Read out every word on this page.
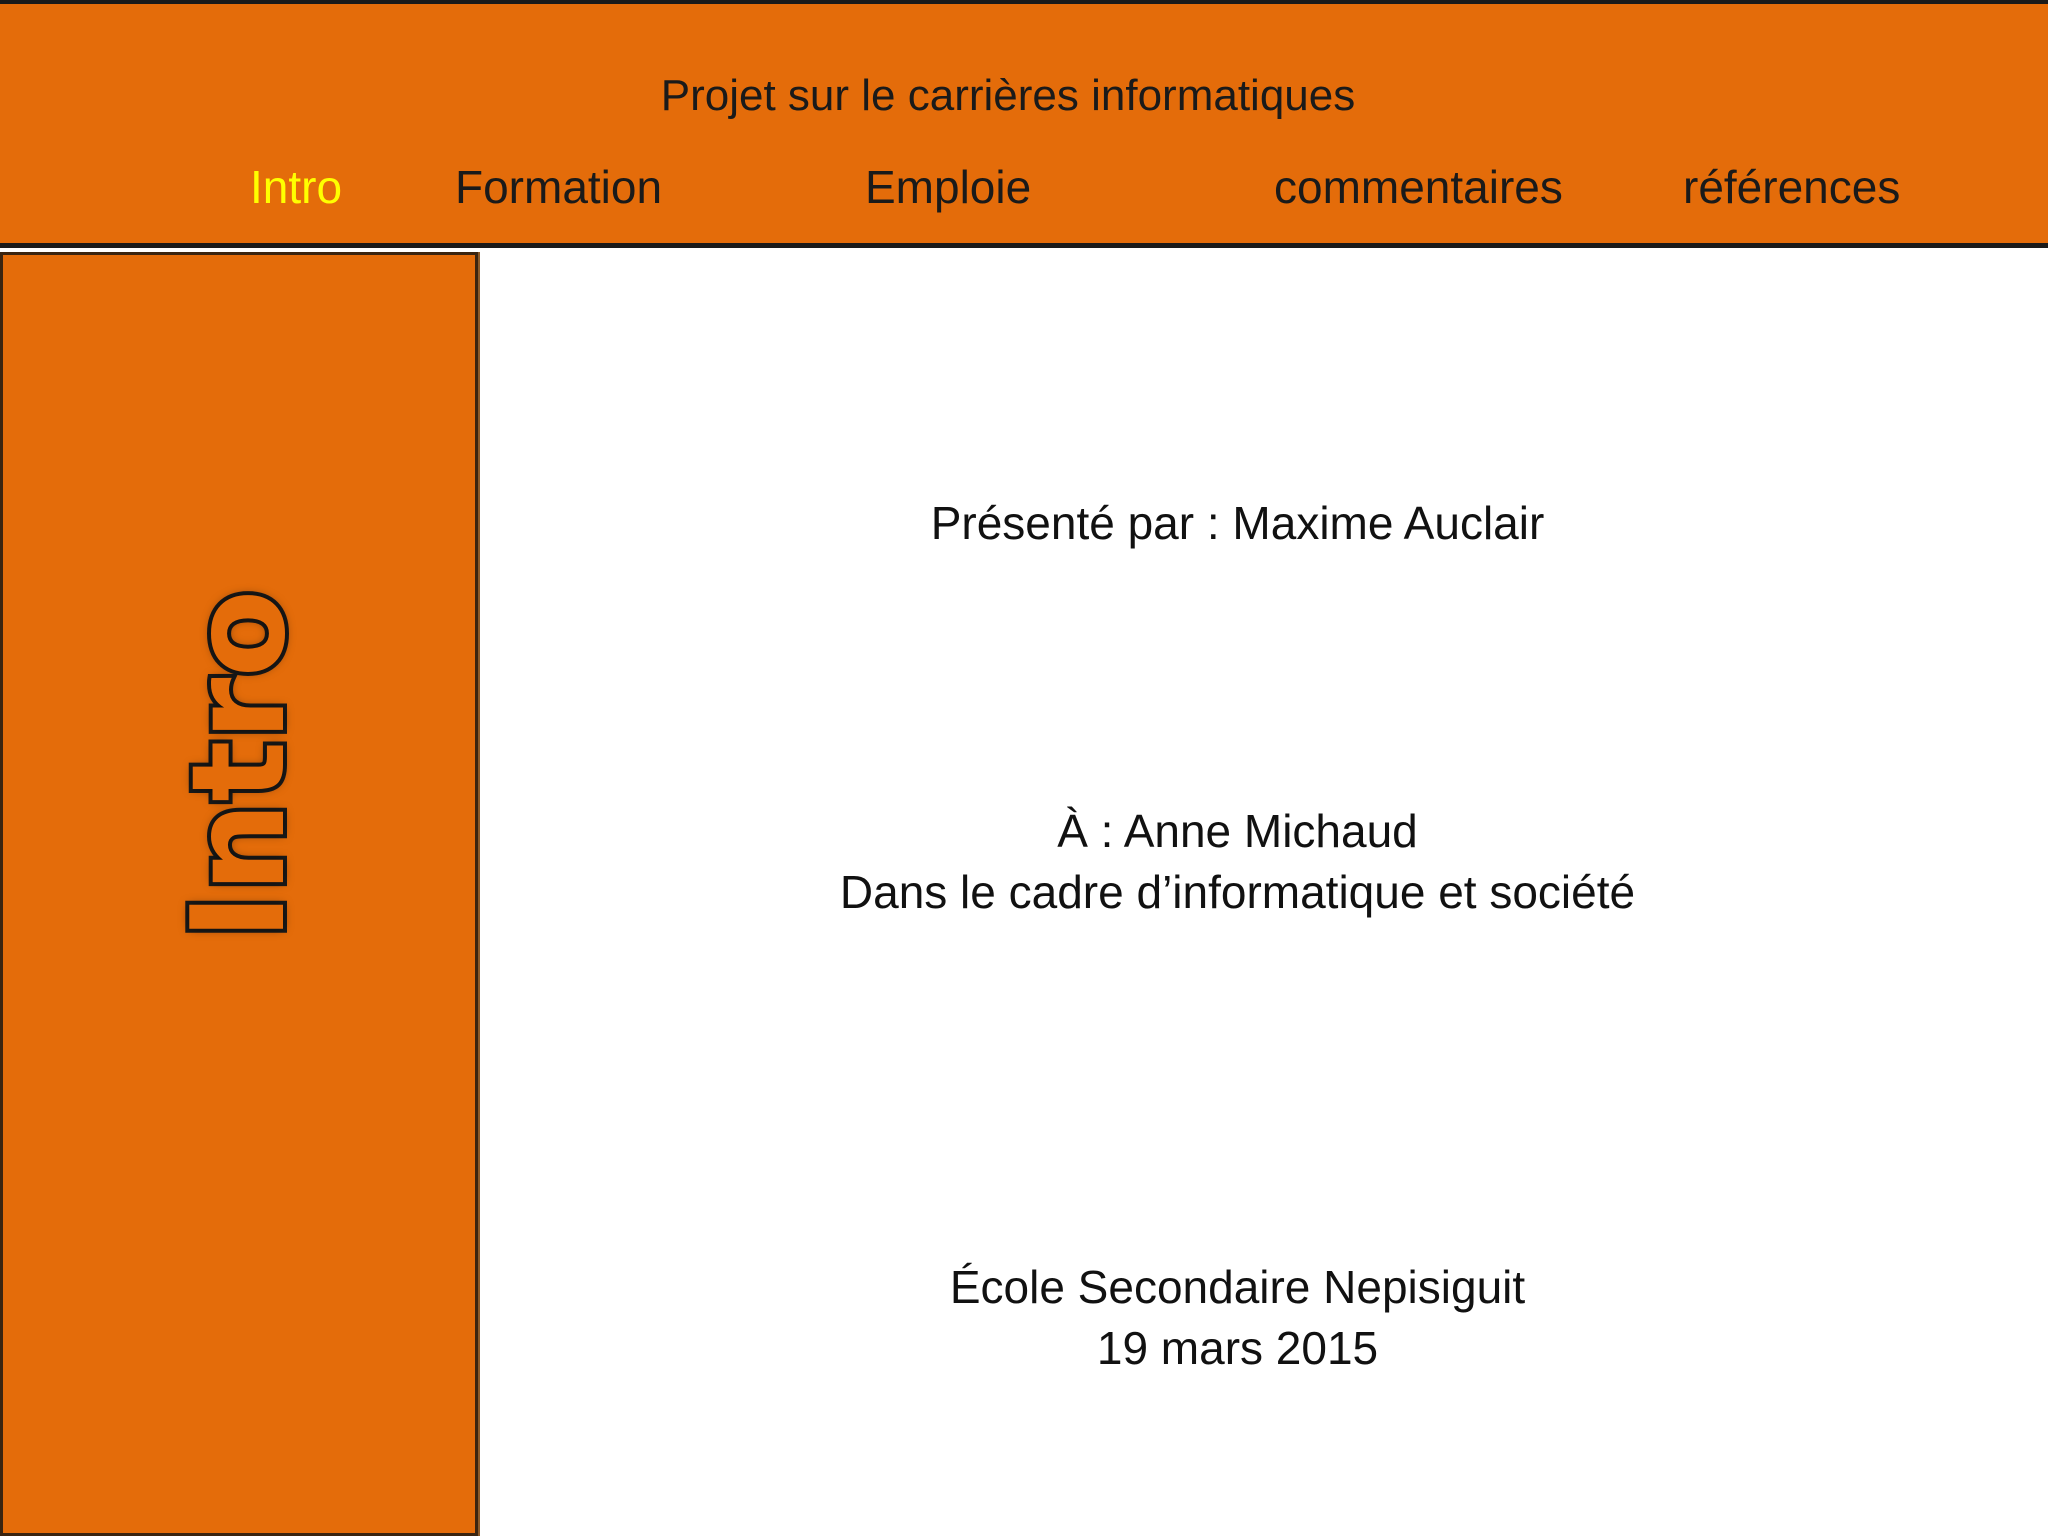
Projet sur le carrières informatiques
Intro Formation	Emploie	commentaires	références
Intro
Présenté par : Maxime Auclair
À : Anne Michaud
Dans le cadre d’informatique et société
École Secondaire Nepisiguit
19 mars 2015
